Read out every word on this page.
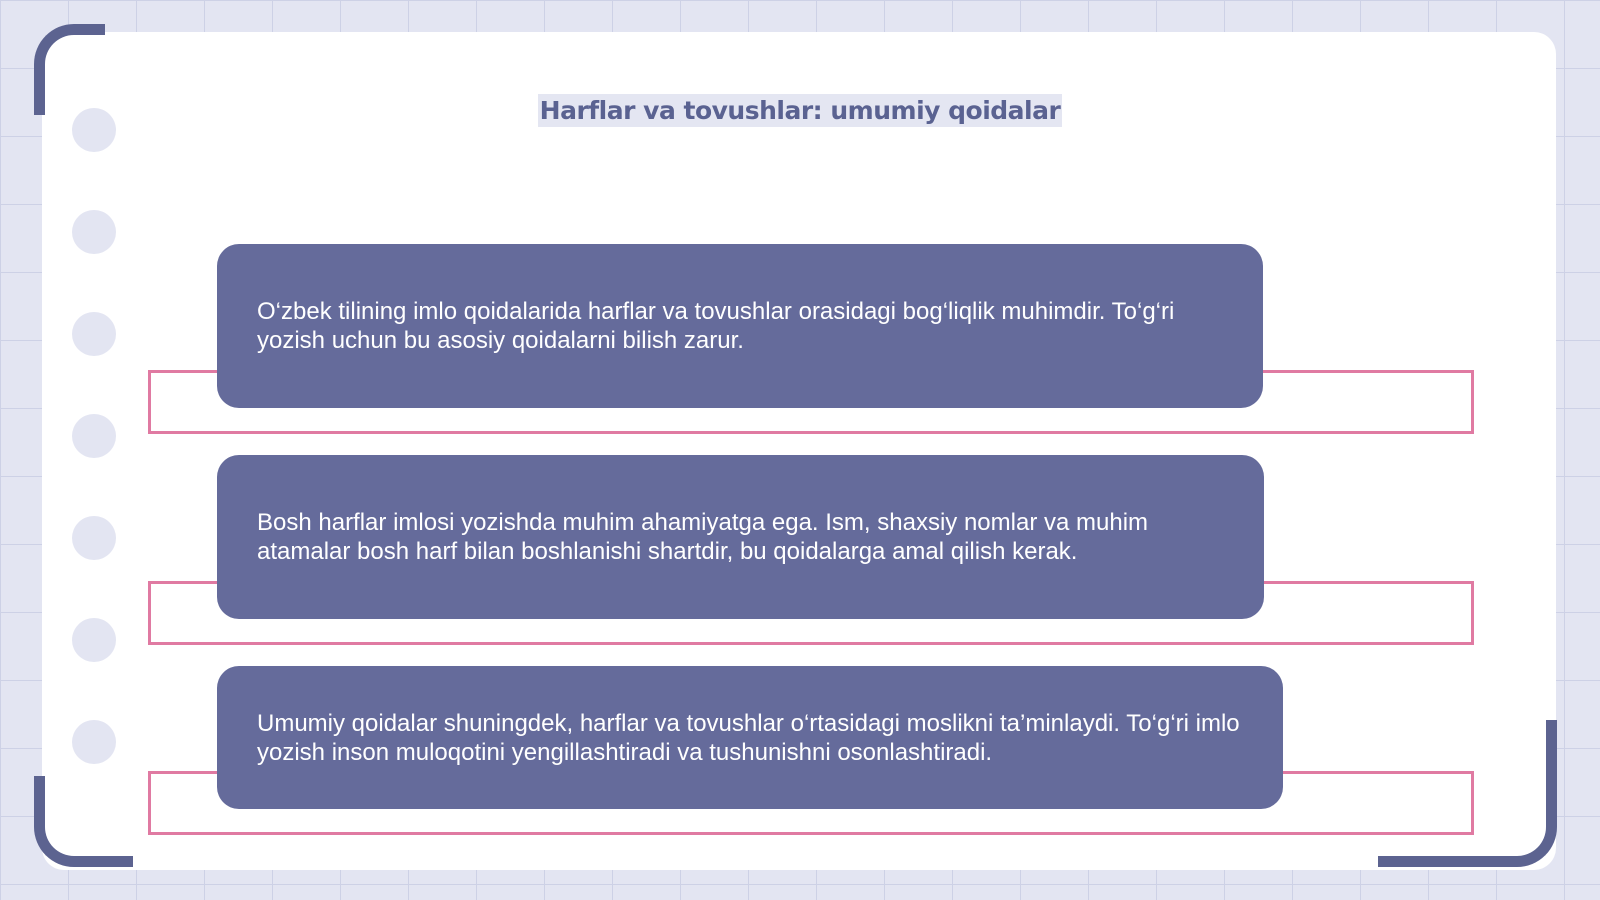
Harflar va tovushlar: umumiy qoidalar

O‘zbek tilining imlo qoidalarida harflar va tovushlar orasidagi bog‘liqlik muhimdir. To‘g‘ri yozish uchun bu asosiy qoidalarni bilish zarur.

Bosh harflar imlosi yozishda muhim ahamiyatga ega. Ism, shaxsiy nomlar va muhim atamalar bosh harf bilan boshlanishi shartdir, bu qoidalarga amal qilish kerak.

Umumiy qoidalar shuningdek, harflar va tovushlar o‘rtasidagi moslikni ta’minlaydi. To‘g‘ri imlo yozish inson muloqotini yengillashtiradi va tushunishni osonlashtiradi.
